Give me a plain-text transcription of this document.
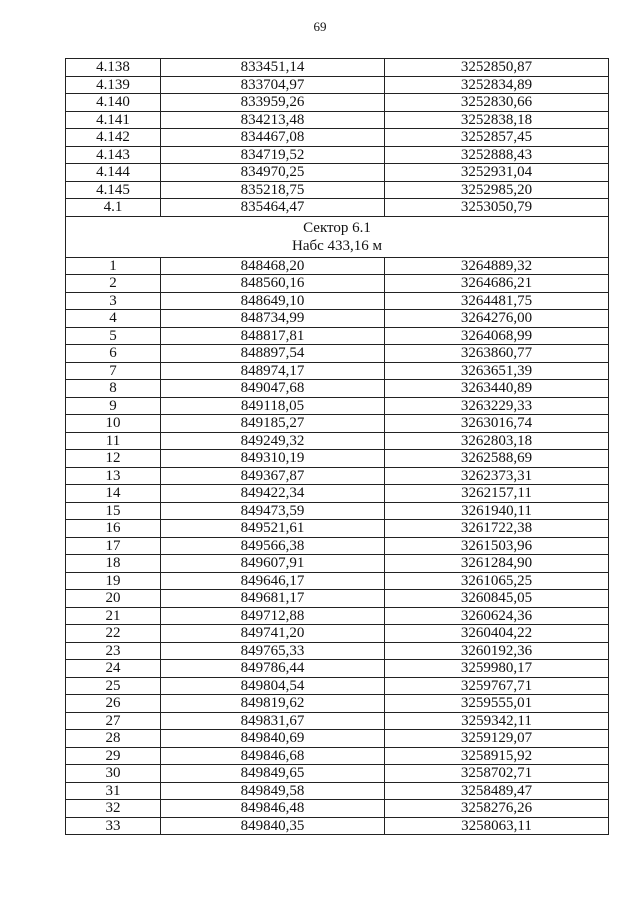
69
4.138	833451,14	3252850,87
4.139	833704,97	3252834,89
4.140	833959,26	3252830,66
4.141	834213,48	3252838,18
4.142	834467,08	3252857,45
4.143	834719,52	3252888,43
4.144	834970,25	3252931,04
4.145	835218,75	3252985,20
4.1	835464,47	3253050,79

Сектор 6.1
Набс 433,16 м		

1	848468,20	3264889,32
2	848560,16	3264686,21
3	848649,10	3264481,75
4	848734,99	3264276,00
5	848817,81	3264068,99
6	848897,54	3263860,77
7	848974,17	3263651,39
8	849047,68	3263440,89
9	849118,05	3263229,33
10	849185,27	3263016,74
11	849249,32	3262803,18
12	849310,19	3262588,69
13	849367,87	3262373,31
14	849422,34	3262157,11
15	849473,59	3261940,11
16	849521,61	3261722,38
17	849566,38	3261503,96
18	849607,91	3261284,90
19	849646,17	3261065,25
20	849681,17	3260845,05
21	849712,88	3260624,36
22	849741,20	3260404,22
23	849765,33	3260192,36
24	849786,44	3259980,17
25	849804,54	3259767,71
26	849819,62	3259555,01
27	849831,67	3259342,11
28	849840,69	3259129,07
29	849846,68	3258915,92
30	849849,65	3258702,71
31	849849,58	3258489,47
32	849846,48	3258276,26
33	849840,35	3258063,11
